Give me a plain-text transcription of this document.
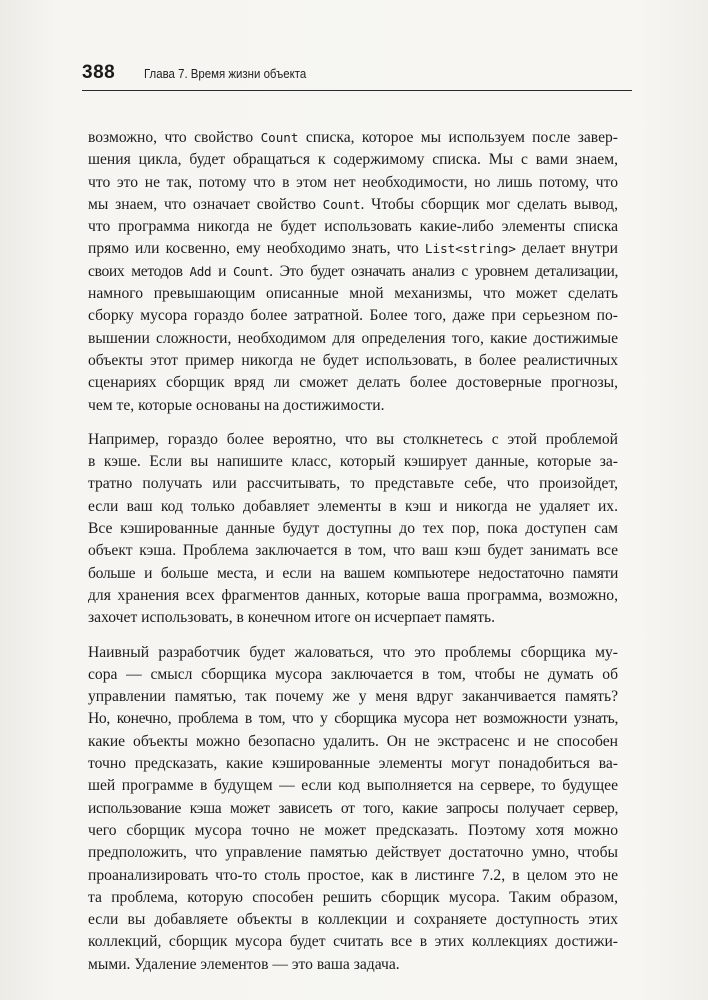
388 Глава 7. Время жизни объекта
возможно, что свойство Count списка, которое мы используем после завер-
шения цикла, будет обращаться к содержимому списка. Мы с вами знаем,
что это не так, потому что в этом нет необходимости, но лишь потому, что
мы знаем, что означает свойство Count. Чтобы сборщик мог сделать вывод,
что программа никогда не будет использовать какие-либо элементы списка
прямо или косвенно, ему необходимо знать, что List<string> делает внутри
своих методов Add и Count. Это будет означать анализ с уровнем детализации,
намного превышающим описанные мной механизмы, что может сделать
сборку мусора гораздо более затратной. Более того, даже при серьезном по-
вышении сложности, необходимом для определения того, какие достижимые
объекты этот пример никогда не будет использовать, в более реалистичных
сценариях сборщик вряд ли сможет делать более достоверные прогнозы,
чем те, которые основаны на достижимости.
Например, гораздо более вероятно, что вы столкнетесь с этой проблемой
в кэше. Если вы напишите класс, который кэширует данные, которые за-
тратно получать или рассчитывать, то представьте себе, что произойдет,
если ваш код только добавляет элементы в кэш и никогда не удаляет их.
Все кэшированные данные будут доступны до тех пор, пока доступен сам
объект кэша. Проблема заключается в том, что ваш кэш будет занимать все
больше и больше места, и если на вашем компьютере недостаточно памяти
для хранения всех фрагментов данных, которые ваша программа, возможно,
захочет использовать, в конечном итоге он исчерпает память.
Наивный разработчик будет жаловаться, что это проблемы сборщика му-
сора — смысл сборщика мусора заключается в том, чтобы не думать об
управлении памятью, так почему же у меня вдруг заканчивается память?
Но, конечно, проблема в том, что у сборщика мусора нет возможности узнать,
какие объекты можно безопасно удалить. Он не экстрасенс и не способен
точно предсказать, какие кэшированные элементы могут понадобиться ва-
шей программе в будущем — если код выполняется на сервере, то будущее
использование кэша может зависеть от того, какие запросы получает сервер,
чего сборщик мусора точно не может предсказать. Поэтому хотя можно
предположить, что управление памятью действует достаточно умно, чтобы
проанализировать что-то столь простое, как в листинге 7.2, в целом это не
та проблема, которую способен решить сборщик мусора. Таким образом,
если вы добавляете объекты в коллекции и сохраняете доступность этих
коллекций, сборщик мусора будет считать все в этих коллекциях достижи-
мыми. Удаление элементов — это ваша задача.
